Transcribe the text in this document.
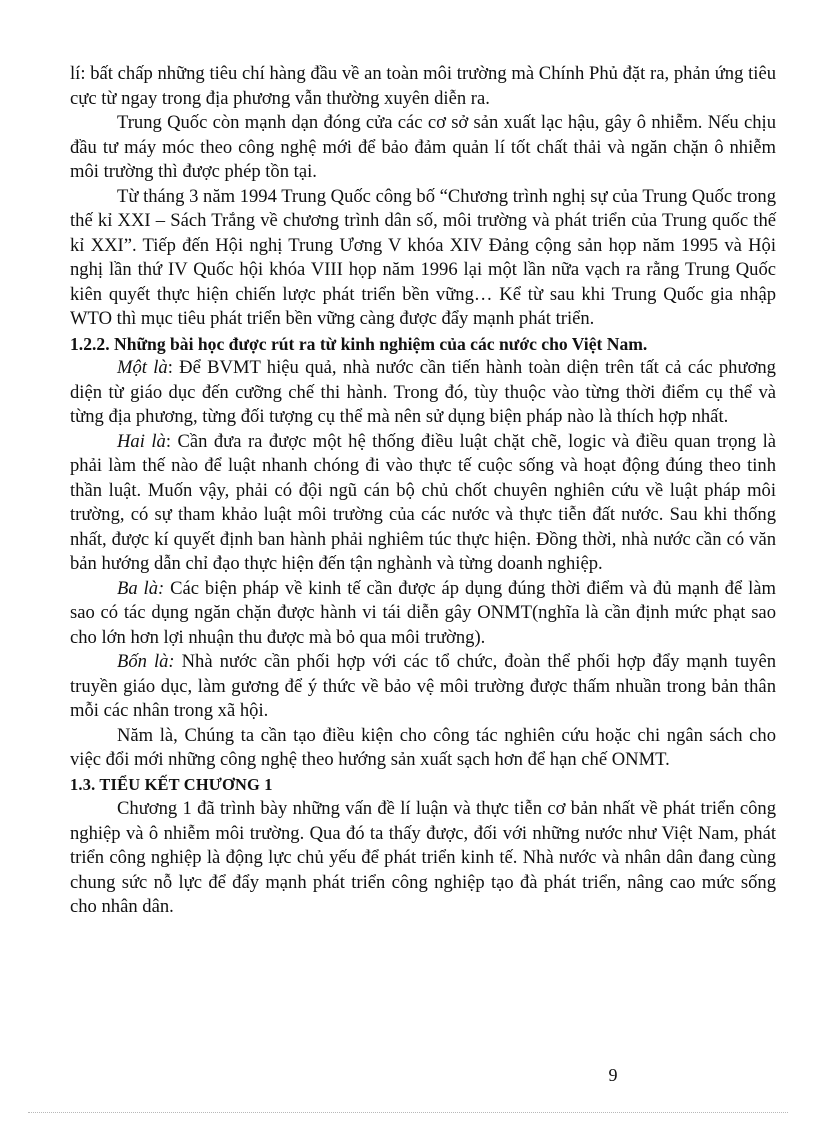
lí: bất chấp những tiêu chí hàng đầu về an toàn môi trường mà Chính Phủ đặt ra, phản ứng tiêu cực từ ngay trong địa phương vẫn thường xuyên diễn ra.

Trung Quốc còn mạnh dạn đóng cửa các cơ sở sản xuất lạc hậu, gây ô nhiễm. Nếu chịu đầu tư máy móc theo công nghệ mới để bảo đảm quản lí tốt chất thải và ngăn chặn ô nhiễm môi trường thì được phép tồn tại.

Từ tháng 3 năm 1994 Trung Quốc công bố “Chương trình nghị sự của Trung Quốc trong thế kỉ XXI – Sách Trắng về chương trình dân số, môi trường và phát triển của Trung quốc thế kỉ XXI”. Tiếp đến Hội nghị Trung Ương V khóa XIV Đảng cộng sản họp năm 1995 và Hội nghị lần thứ IV Quốc hội khóa VIII họp năm 1996 lại một lần nữa vạch ra rằng Trung Quốc kiên quyết thực hiện chiến lược phát triển bền vững… Kể từ sau khi Trung Quốc gia nhập WTO thì mục tiêu phát triển bền vững càng được đẩy mạnh phát triển.

1.2.2. Những bài học được rút ra từ kinh nghiệm của các nước cho Việt Nam.

Một là: Để BVMT hiệu quả, nhà nước cần tiến hành toàn diện trên tất cả các phương diện từ giáo dục đến cưỡng chế thi hành. Trong đó, tùy thuộc vào từng thời điểm cụ thể và từng địa phương, từng đối tượng cụ thể mà nên sử dụng biện pháp nào là thích hợp nhất.

Hai là: Cần đưa ra được một hệ thống điều luật chặt chẽ, logic và điều quan trọng là phải làm thế nào để luật nhanh chóng đi vào thực tế cuộc sống và hoạt động đúng theo tinh thần luật. Muốn vậy, phải có đội ngũ cán bộ chủ chốt chuyên nghiên cứu về luật pháp môi trường, có sự tham khảo luật môi trường của các nước và thực tiễn đất nước. Sau khi thống nhất, được kí quyết định ban hành phải nghiêm túc thực hiện. Đồng thời, nhà nước cần có văn bản hướng dẫn chỉ đạo thực hiện đến tận nghành và từng doanh nghiệp.

Ba là: Các biện pháp về kinh tế cần được áp dụng đúng thời điểm và đủ mạnh để làm sao có tác dụng ngăn chặn được hành vi tái diễn gây ONMT(nghĩa là cần định mức phạt sao cho lớn hơn lợi nhuận thu được mà bỏ qua môi trường).

Bốn là: Nhà nước cần phối hợp với các tổ chức, đoàn thể phối hợp đẩy mạnh tuyên truyền giáo dục, làm gương để ý thức về bảo vệ môi trường được thấm nhuần trong bản thân mỗi các nhân trong xã hội.

Năm là, Chúng ta cần tạo điều kiện cho công tác nghiên cứu hoặc chi ngân sách cho việc đổi mới những công nghệ theo hướng sản xuất sạch hơn để hạn chế ONMT.

1.3. TIỂU KẾT CHƯƠNG 1

Chương 1 đã trình bày những vấn đề lí luận và thực tiễn cơ bản nhất về phát triển công nghiệp và ô nhiễm môi trường. Qua đó ta thấy được, đối với những nước như Việt Nam, phát triển công nghiệp là động lực chủ yếu để phát triển kinh tế. Nhà nước và nhân dân đang cùng chung sức nỗ lực để đẩy mạnh phát triển công nghiệp tạo đà phát triển, nâng cao mức sống cho nhân dân.

9
